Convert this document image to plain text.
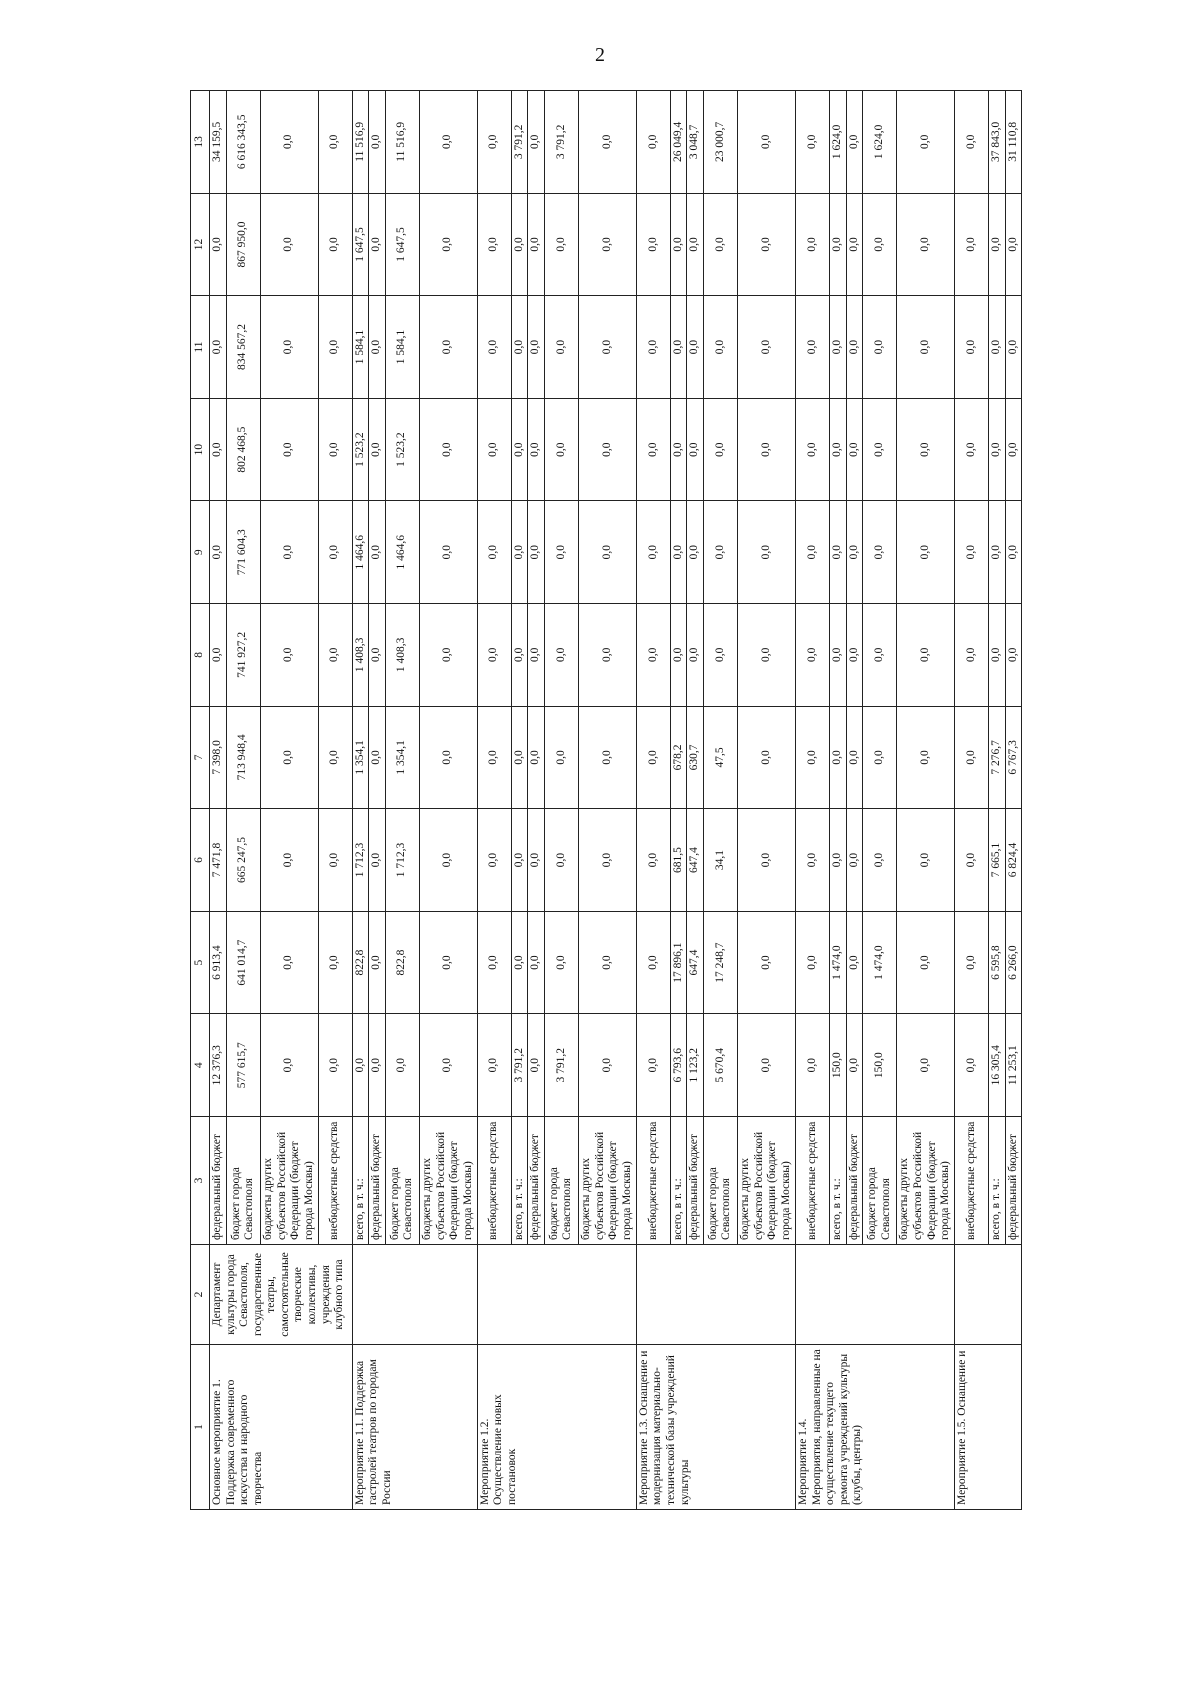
2
1	2	3	4	5	6	7	8	9	10	11	12	13
Основное мероприятие 1. Поддержка современного искусства и народного творчества	Департамент культуры города Севастополя, государственные театры, самостоятельные творческие коллективы, учреждения клубного типа	федеральный бюджет	12 376,3	6 913,4	7 471,8	7 398,0	0,0	0,0	0,0	0,0	0,0	34 159,5
		бюджет города Севастополя	577 615,7	641 014,7	665 247,5	713 948,4	741 927,2	771 604,3	802 468,5	834 567,2	867 950,0	6 616 343,5
		бюджеты других субъектов Российской Федерации (бюджет города Москвы)	0,0	0,0	0,0	0,0	0,0	0,0	0,0	0,0	0,0	0,0
		внебюджетные средства	0,0	0,0	0,0	0,0	0,0	0,0	0,0	0,0	0,0	0,0
Мероприятие 1.1. Поддержка гастролей театров по городам России		всего, в т. ч.:	0,0	822,8	1 712,3	1 354,1	1 408,3	1 464,6	1 523,2	1 584,1	1 647,5	11 516,9
		федеральный бюджет	0,0	0,0	0,0	0,0	0,0	0,0	0,0	0,0	0,0	0,0
		бюджет города Севастополя	0,0	822,8	1 712,3	1 354,1	1 408,3	1 464,6	1 523,2	1 584,1	1 647,5	11 516,9
		бюджеты других субъектов Российской Федерации (бюджет города Москвы)	0,0	0,0	0,0	0,0	0,0	0,0	0,0	0,0	0,0	0,0
Мероприятие 1.2. Осуществление новых постановок		внебюджетные средства	0,0	0,0	0,0	0,0	0,0	0,0	0,0	0,0	0,0	0,0
		всего, в т. ч.:	3 791,2	0,0	0,0	0,0	0,0	0,0	0,0	0,0	0,0	3 791,2
		федеральный бюджет	0,0	0,0	0,0	0,0	0,0	0,0	0,0	0,0	0,0	0,0
		бюджет города Севастополя	3 791,2	0,0	0,0	0,0	0,0	0,0	0,0	0,0	0,0	3 791,2
		бюджеты других субъектов Российской Федерации (бюджет города Москвы)	0,0	0,0	0,0	0,0	0,0	0,0	0,0	0,0	0,0	0,0
Мероприятие 1.3. Оснащение и модернизация материально-технической базы учреждений культуры		внебюджетные средства	0,0	0,0	0,0	0,0	0,0	0,0	0,0	0,0	0,0	0,0
		всего, в т. ч.:	6 793,6	17 896,1	681,5	678,2	0,0	0,0	0,0	0,0	0,0	26 049,4
		федеральный бюджет	1 123,2	647,4	647,4	630,7	0,0	0,0	0,0	0,0	0,0	3 048,7
		бюджет города Севастополя	5 670,4	17 248,7	34,1	47,5	0,0	0,0	0,0	0,0	0,0	23 000,7
		бюджеты других субъектов Российской Федерации (бюджет города Москвы)	0,0	0,0	0,0	0,0	0,0	0,0	0,0	0,0	0,0	0,0
Мероприятие 1.4. Мероприятия, направленные на осуществление текущего ремонта учреждений культуры (клубы, центры)		внебюджетные средства	0,0	0,0	0,0	0,0	0,0	0,0	0,0	0,0	0,0	0,0
		всего, в т. ч.:	150,0	1 474,0	0,0	0,0	0,0	0,0	0,0	0,0	0,0	1 624,0
		федеральный бюджет	0,0	0,0	0,0	0,0	0,0	0,0	0,0	0,0	0,0	0,0
		бюджет города Севастополя	150,0	1 474,0	0,0	0,0	0,0	0,0	0,0	0,0	0,0	1 624,0
		бюджеты других субъектов Российской Федерации (бюджет города Москвы)	0,0	0,0	0,0	0,0	0,0	0,0	0,0	0,0	0,0	0,0
Мероприятие 1.5. Оснащение и		внебюджетные средства	0,0	0,0	0,0	0,0	0,0	0,0	0,0	0,0	0,0	0,0
		всего, в т. ч.:	16 305,4	6 595,8	7 665,1	7 276,7	0,0	0,0	0,0	0,0	0,0	37 843,0
		федеральный бюджет	11 253,1	6 266,0	6 824,4	6 767,3	0,0	0,0	0,0	0,0	0,0	31 110,8
